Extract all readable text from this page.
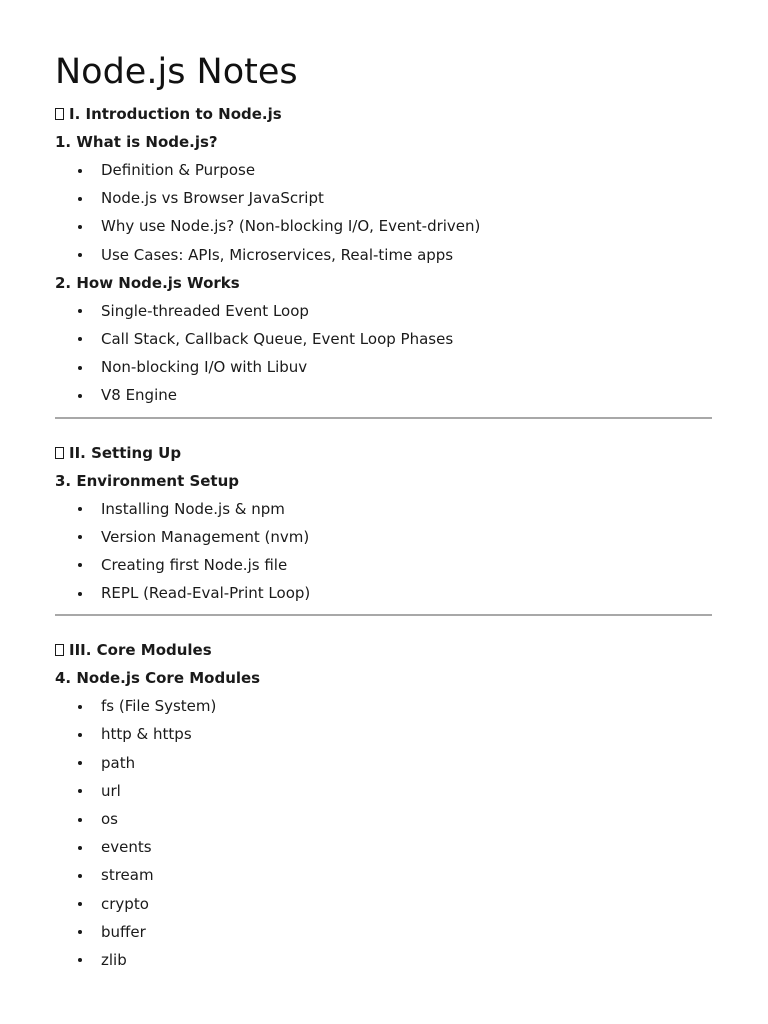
Node.js Notes
I. Introduction to Node.js
1. What is Node.js?
Definition & Purpose
Node.js vs Browser JavaScript
Why use Node.js? (Non-blocking I/O, Event-driven)
Use Cases: APIs, Microservices, Real-time apps
2. How Node.js Works
Single-threaded Event Loop
Call Stack, Callback Queue, Event Loop Phases
Non-blocking I/O with Libuv
V8 Engine
II. Setting Up
3. Environment Setup
Installing Node.js & npm
Version Management (nvm)
Creating first Node.js file
REPL (Read-Eval-Print Loop)
III. Core Modules
4. Node.js Core Modules
fs (File System)
http & https
path
url
os
events
stream
crypto
buffer
zlib
